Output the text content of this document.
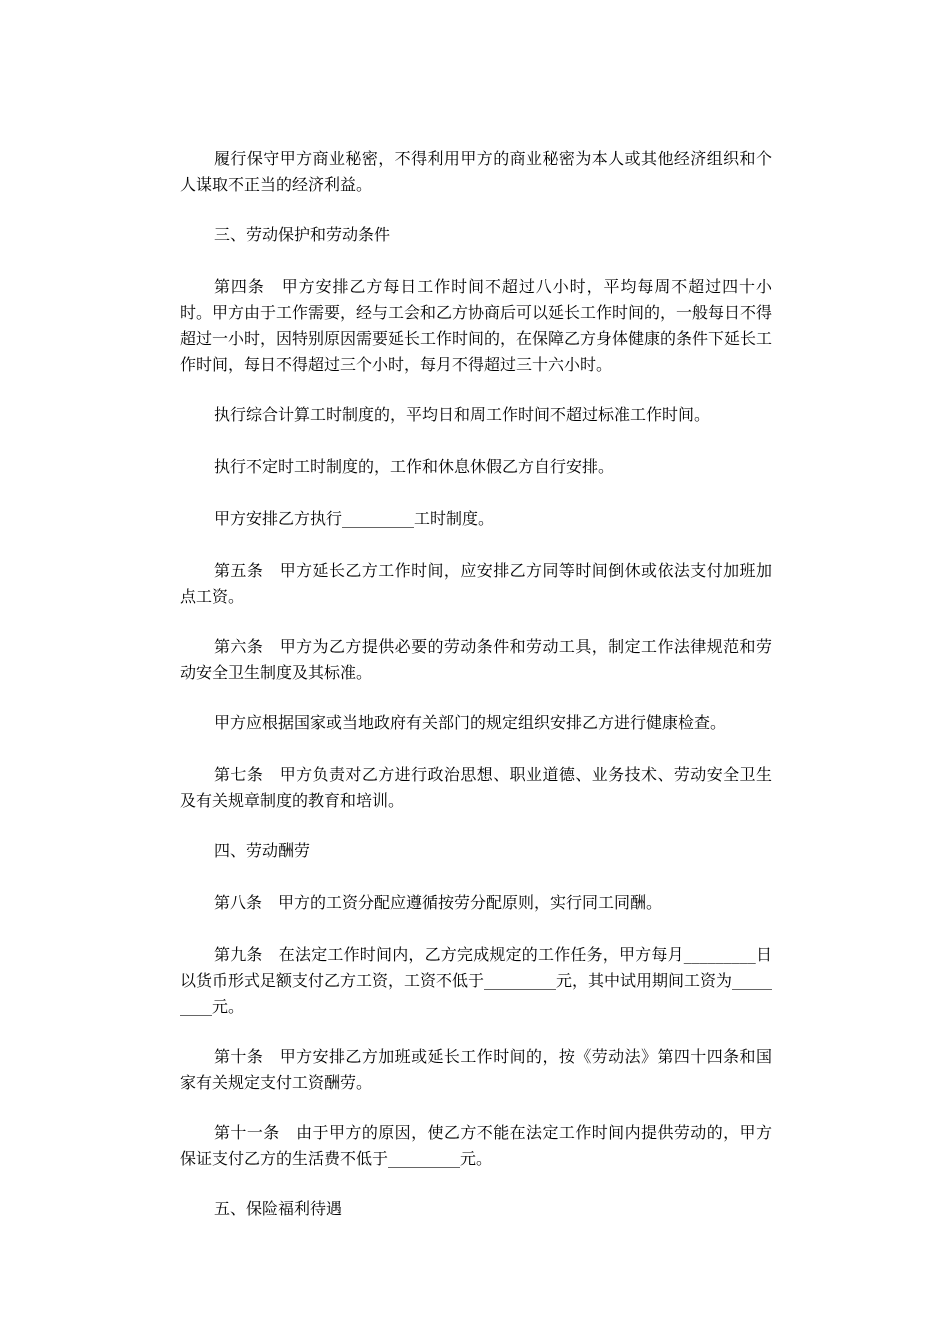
履行保守甲方商业秘密，不得利用甲方的商业秘密为本人或其他经济组织和个人谋取不正当的经济利益。

三、劳动保护和劳动条件

第四条　甲方安排乙方每日工作时间不超过八小时，平均每周不超过四十小时。甲方由于工作需要，经与工会和乙方协商后可以延长工作时间的，一般每日不得超过一小时，因特别原因需要延长工作时间的，在保障乙方身体健康的条件下延长工作时间，每日不得超过三个小时，每月不得超过三十六小时。

执行综合计算工时制度的，平均日和周工作时间不超过标准工作时间。

执行不定时工时制度的，工作和休息休假乙方自行安排。

甲方安排乙方执行_________工时制度。

第五条　甲方延长乙方工作时间，应安排乙方同等时间倒休或依法支付加班加点工资。

第六条　甲方为乙方提供必要的劳动条件和劳动工具，制定工作法律规范和劳动安全卫生制度及其标准。

甲方应根据国家或当地政府有关部门的规定组织安排乙方进行健康检查。

第七条　甲方负责对乙方进行政治思想、职业道德、业务技术、劳动安全卫生及有关规章制度的教育和培训。

四、劳动酬劳

第八条　甲方的工资分配应遵循按劳分配原则，实行同工同酬。

第九条　在法定工作时间内，乙方完成规定的工作任务，甲方每月_________日以货币形式足额支付乙方工资，工资不低于_________元，其中试用期间工资为_________元。

第十条　甲方安排乙方加班或延长工作时间的，按《劳动法》第四十四条和国家有关规定支付工资酬劳。

第十一条　由于甲方的原因，使乙方不能在法定工作时间内提供劳动的，甲方保证支付乙方的生活费不低于_________元。

五、保险福利待遇
